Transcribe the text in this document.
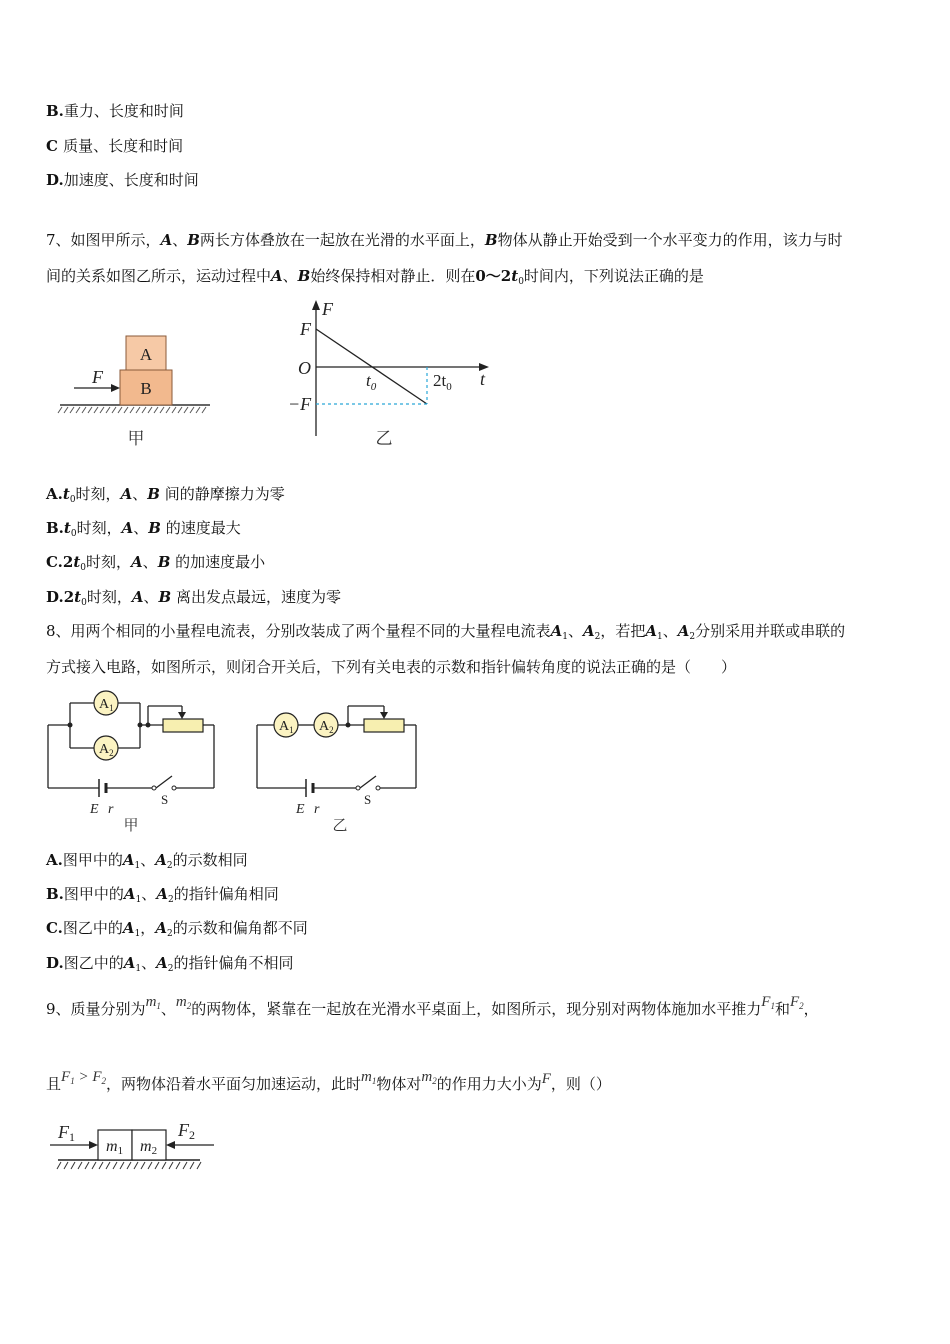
B.重力、长度和时间
C 质量、长度和时间
D.加速度、长度和时间
7、如图甲所示，A、B两长方体叠放在一起放在光滑的水平面上，B物体从静止开始受到一个水平变力的作用，该力与时
间的关系如图乙所示，运动过程中A、B始终保持相对静止．则在$0\sim 2t_0$时间内，下列说法正确的是
A
B
F
甲
F
F
O
−F
$t_0$	$2t_0$ t
乙
$A.t_0$时刻，A、B 间的静摩擦力为零
$B.t_0$时刻，A、B 的速度最大
$C.2t_0$时刻，A、B 的加速度最小
$D.2t_0$时刻，A、B 离出发点最远，速度为零
8、用两个相同的小量程电流表，分别改装成了两个量程不同的大量程电流表$A_1$、$A_2$，若把$A_1$、$A_2$分别采用并联或串联的
方式接入电路，如图所示，则闭合开关后，下列有关电表的示数和指针偏转角度的说法正确的是（　　）
$A_1$
$A_2$
E r
S
甲
$A_1$ $A_2$
E r
S
乙
A.图甲中的$A_1$、$A_2$的示数相同
B.图甲中的$A_1$、$A_2$的指针偏角相同
C.图乙中的$A_1$，$A_2$的示数和偏角都不同
D.图乙中的$A_1$、$A_2$的指针偏角不相同
9、质量分别为$m_1$、$m_2$的两物体，紧靠在一起放在光滑水平桌面上，如图所示，现分别对两物体施加水平推力$F_1$和$F_2$，
且$F_1 > F_2$，两物体沿着水平面匀加速运动，此时$m_1$物体对$m_2$的作用力大小为F，则（）
m1 m2
F1	F2
